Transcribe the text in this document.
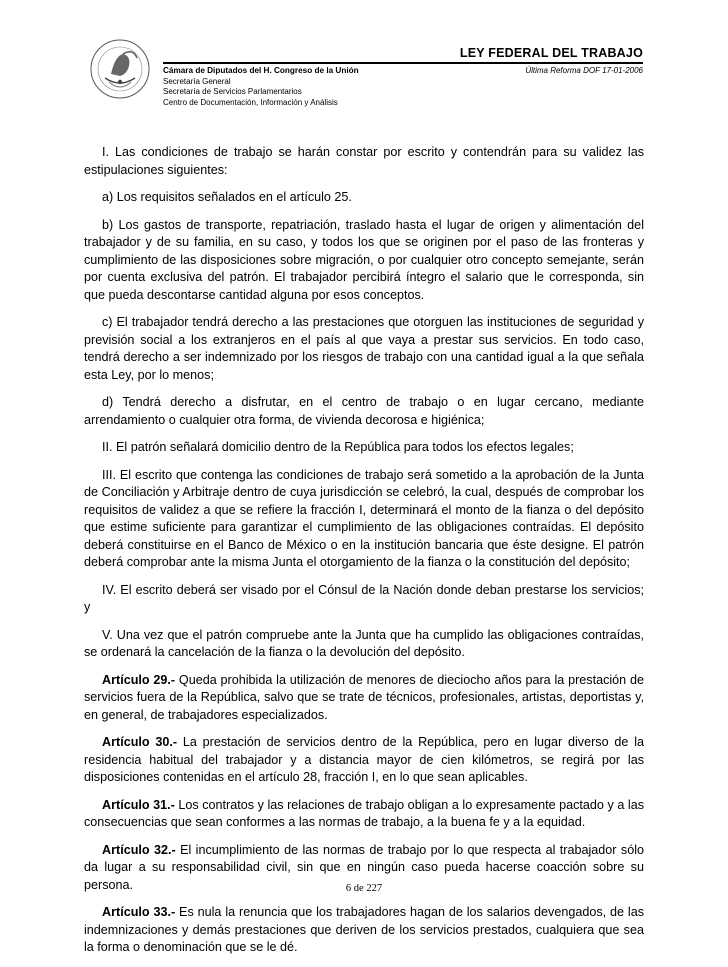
LEY FEDERAL DEL TRABAJO
Cámara de Diputados del H. Congreso de la Unión
Secretaría General
Secretaría de Servicios Parlamentarios
Centro de Documentación, Información y Análisis
Última Reforma DOF 17-01-2006

I. Las condiciones de trabajo se harán constar por escrito y contendrán para su validez las estipulaciones siguientes:

a) Los requisitos señalados en el artículo 25.

b) Los gastos de transporte, repatriación, traslado hasta el lugar de origen y alimentación del trabajador y de su familia, en su caso, y todos los que se originen por el paso de las fronteras y cumplimiento de las disposiciones sobre migración, o por cualquier otro concepto semejante, serán por cuenta exclusiva del patrón. El trabajador percibirá íntegro el salario que le corresponda, sin que pueda descontarse cantidad alguna por esos conceptos.

c) El trabajador tendrá derecho a las prestaciones que otorguen las instituciones de seguridad y previsión social a los extranjeros en el país al que vaya a prestar sus servicios. En todo caso, tendrá derecho a ser indemnizado por los riesgos de trabajo con una cantidad igual a la que señala esta Ley, por lo menos;

d) Tendrá derecho a disfrutar, en el centro de trabajo o en lugar cercano, mediante arrendamiento o cualquier otra forma, de vivienda decorosa e higiénica;

II. El patrón señalará domicilio dentro de la República para todos los efectos legales;

III. El escrito que contenga las condiciones de trabajo será sometido a la aprobación de la Junta de Conciliación y Arbitraje dentro de cuya jurisdicción se celebró, la cual, después de comprobar los requisitos de validez a que se refiere la fracción I, determinará el monto de la fianza o del depósito que estime suficiente para garantizar el cumplimiento de las obligaciones contraídas. El depósito deberá constituirse en el Banco de México o en la institución bancaria que éste designe. El patrón deberá comprobar ante la misma Junta el otorgamiento de la fianza o la constitución del depósito;

IV. El escrito deberá ser visado por el Cónsul de la Nación donde deban prestarse los servicios; y

V. Una vez que el patrón compruebe ante la Junta que ha cumplido las obligaciones contraídas, se ordenará la cancelación de la fianza o la devolución del depósito.

Artículo 29.- Queda prohibida la utilización de menores de dieciocho años para la prestación de servicios fuera de la República, salvo que se trate de técnicos, profesionales, artistas, deportistas y, en general, de trabajadores especializados.

Artículo 30.- La prestación de servicios dentro de la República, pero en lugar diverso de la residencia habitual del trabajador y a distancia mayor de cien kilómetros, se regirá por las disposiciones contenidas en el artículo 28, fracción I, en lo que sean aplicables.

Artículo 31.- Los contratos y las relaciones de trabajo obligan a lo expresamente pactado y a las consecuencias que sean conformes a las normas de trabajo, a la buena fe y a la equidad.

Artículo 32.- El incumplimiento de las normas de trabajo por lo que respecta al trabajador sólo da lugar a su responsabilidad civil, sin que en ningún caso pueda hacerse coacción sobre su persona.

Artículo 33.- Es nula la renuncia que los trabajadores hagan de los salarios devengados, de las indemnizaciones y demás prestaciones que deriven de los servicios prestados, cualquiera que sea la forma o denominación que se le dé.

6 de 227
